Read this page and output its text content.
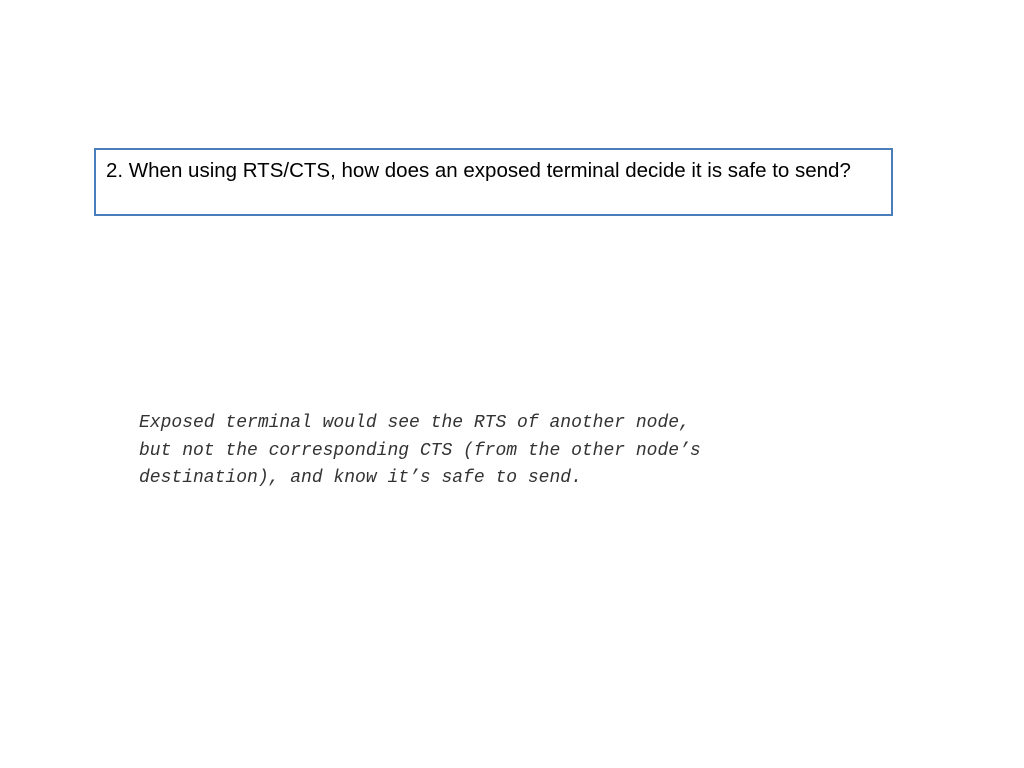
2. When using RTS/CTS, how does an exposed terminal decide it is safe to send?
Exposed terminal would see the RTS of another node,
but not the corresponding CTS (from the other node’s
destination), and know it’s safe to send.
